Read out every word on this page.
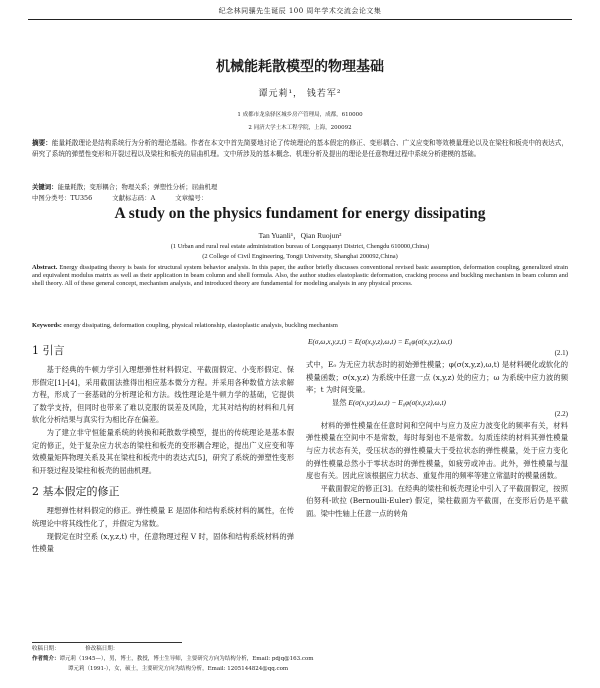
纪念林同骧先生诞辰 100 周年学术交流会论文集
机械能耗散模型的物理基础
谭元莉¹， 钱若军²
1 成都市龙泉驿区城乡房产管理局，成都，610000
2 同济大学土木工程学院，上海，200092
摘要：能量耗散理论是结构系统行为分析的理论基础。作者在本文中首先简要地讨论了传统理论的基本假定的修正、变形耦合、广义应变和等效模量理论以及在梁柱和板壳中的表达式，研究了系统的弹塑性变形和开裂过程以及梁柱和板壳的屈曲机理。文中所涉及的基本概念、机理分析及提出的理论是任意物理过程中系统分析建模的基础。
关键词：能量耗散；变形耦合；物理关系；弹塑性分析；屈曲机理
中图分类号：TU356	文献标志码：A	文章编号：
A study on the physics fundament for energy dissipating
Tan Yuanli¹，Qian Ruojun²
(1 Urban and rural real estate administration bureau of Longquanyi District, Chengdu 610000,China)
(2 College of Civil Engineering, Tongji University, Shanghai 200092,China)
Abstract. Energy dissipating theory is basis for structural system behavior analysis. In this paper, the author briefly discusses conventional revised basic assumption, deformation coupling, generalized strain and equivalent modulus matrix as well as their application in beam column and shell formula. Also, the author studies elastoplastic deformation, cracking process and buckling mechanism in beam column and shell theory. All of these general concept, mechanism analysis, and introduced theory are fundamental for modeling analysis in any physical process.
Keywords: energy dissipating, deformation coupling, physical relationship, elastoplastic analysis, buckling mechanism
1 引言

基于经典的牛顿力学引入理想弹性材料假定、平截面假定、小变形假定、保形假定[1]-[4]，采用截面法推得出相应基本微分方程。并采用各种数值方法求解方程，形成了一套基础的分析理论和方法。线性理论是牛顿力学的基础，它提供了数学支持，但同时也带来了难以克服的误差及风险，尤其对结构的材料和几何软化分析结果与真实行为相比存在偏差。

为了建立非守恒能量系统的转换和耗散数学模型，提出的传统理论是基本假定的修正，处于复杂应力状态的梁柱和板壳的变形耦合理论，提出广义应变和等效模量矩阵物理关系及其在梁柱和板壳中的表达式[5]，研究了系统的弹塑性变形和开裂过程及梁柱和板壳的屈曲机理。

2 基本假定的修正

理想弹性材料假定的修正。弹性模量 E 是固体和结构系统材料的属性，在传统理论中将其线性化了，并假定为常数。

现假定在时空系 (x,y,z,t) 中，任意物理过程 V 时，固体和结构系统材料的弹性模量

E(σ,ω,x,y,z,t) = E(σ(x,y,z),ω,t) = E₀φ(σ(x,y,z),ω,t)
(2.1)

式中，E₀ 为无应力状态时的初始弹性模量；φ(σ(x,y,z),ω,t) 是材料硬化或软化的模量函数；σ(x,y,z) 为系统中任意一点 (x,y,z) 处的应力；ω 为系统中应力波的频率；t 为时间变量。

显然 E(σ(x,y,z),ω,t) − E₀φ(σ(x,y,z),ω,t)
(2.2)

材料的弹性模量在任意时间和空间中与应力及应力波变化的频率有关，材料弹性模量在空间中不是常数，每时每刻也不是常数。勾质连续的材料其弹性模量与应力状态有关，受压状态的弹性模量大于受拉状态的弹性模量，处于应力变化的弹性模量总然小于零状态时的弹性模量，如疲劳或冲击。此外，弹性模量与温度也有关。因此应该根据应力状态、重复作用的频率等建立常温时的模量函数。

平截面假定的修正[3]。在经典的梁柱和板壳理论中引入了平截面假定，按照伯努利-欧拉 (Bernoulli-Euler) 假定，梁柱截面为平截面，在变形后仍是平截面。梁中性轴上任意一点的转角

收稿日期：	修改稿日期：
作者简介：谭元莉（1945—），男，博士，教授，博士生导师，主要研究方向为结构分析，Email: pdjq@163.com
谭元莉（1991-），女，硕士，主要研究方向为结构分析，Email: 1205144824@qq.com
